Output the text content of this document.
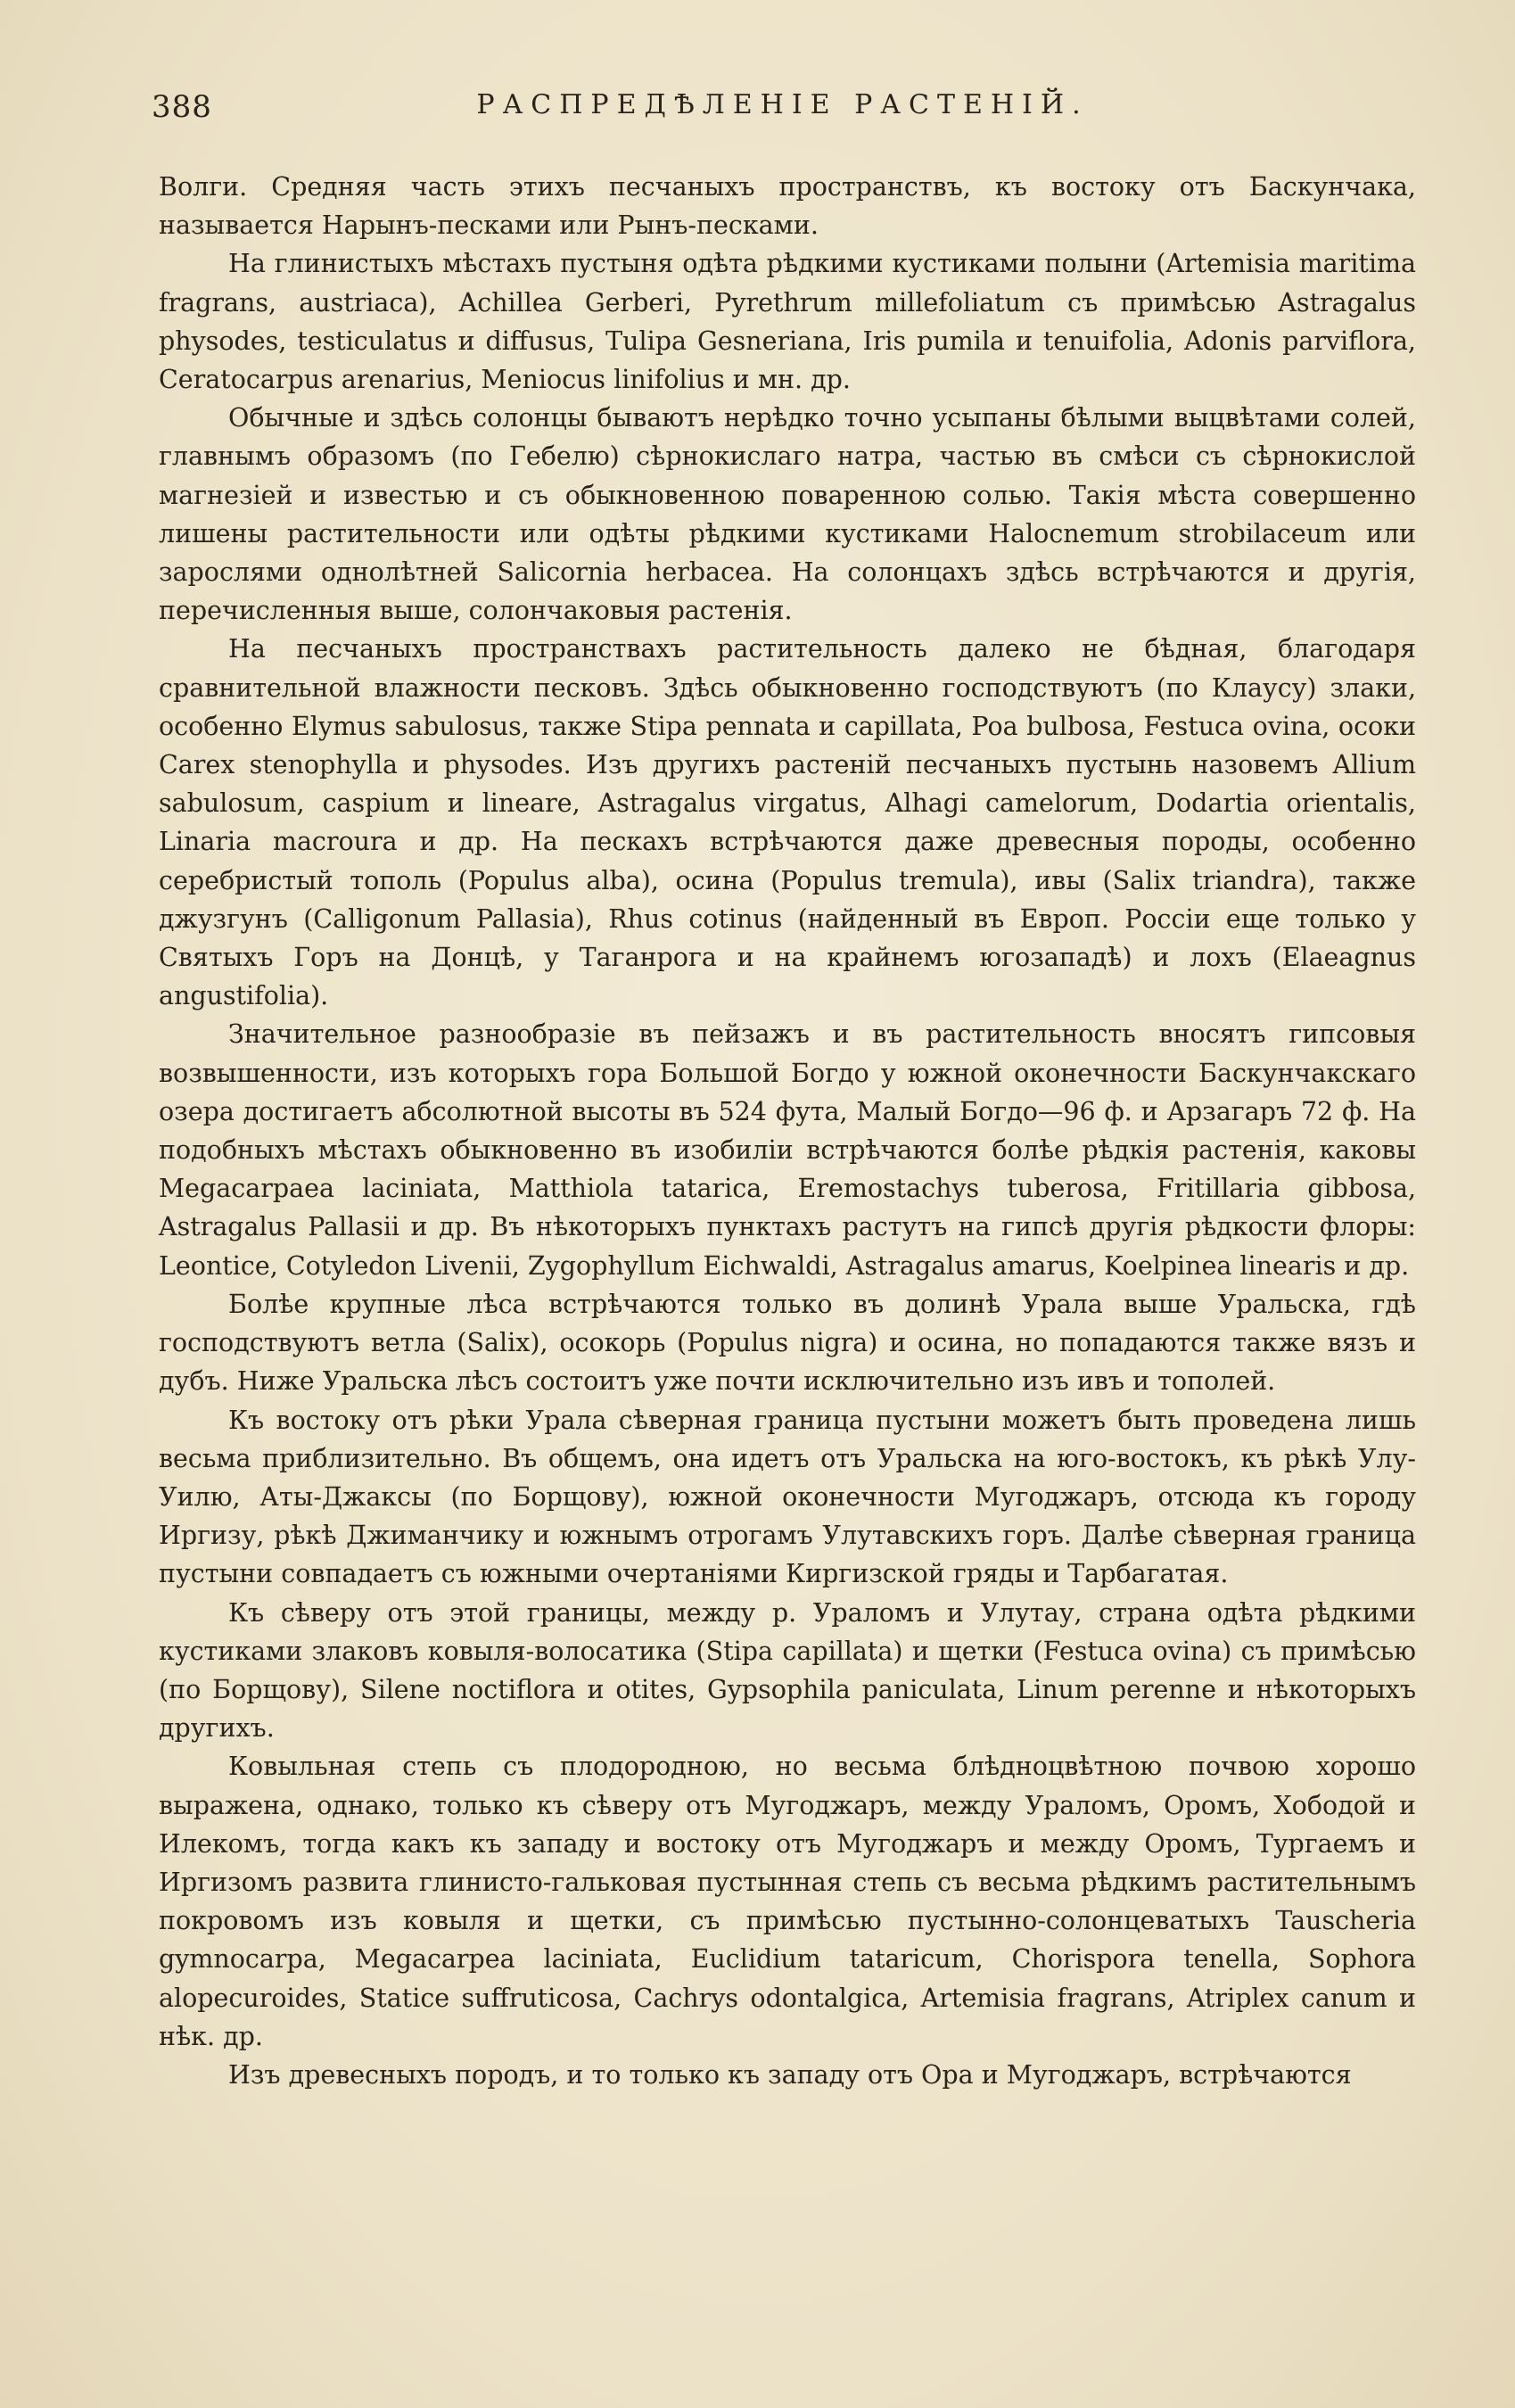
388	РАСПРЕДѢЛЕНІЕ РАСТЕНІЙ.

Волги. Средняя часть этихъ песчаныхъ пространствъ, къ востоку отъ Баскунчака, называется Нарынъ-песками или Рынъ-песками.

На глинистыхъ мѣстахъ пустыня одѣта рѣдкими кустиками полыни (Artemisia maritima fragrans, austriaca), Achillea Gerberi, Pyrethrum millefoliatum съ примѣсью Astragalus physodes, testiculatus и diffusus, Tulipa Gesneriana, Iris pumila и tenuifolia, Adonis parviflora, Ceratocarpus arenarius, Meniocus linifolius и мн. др.

Обычные и здѣсь солонцы бываютъ нерѣдко точно усыпаны бѣлыми выцвѣтами солей, главнымъ образомъ (по Гебелю) сѣрнокислаго натра, частью въ смѣси съ сѣрнокислой магнезіей и известью и съ обыкновенною поваренною солью. Такія мѣста совершенно лишены растительности или одѣты рѣдкими кустиками Halocnemum strobilaceum или зарослями однолѣтней Salicornia herbacea. На солонцахъ здѣсь встрѣчаются и другія, перечисленныя выше, солончаковыя растенія.

На песчаныхъ пространствахъ растительность далеко не бѣдная, благодаря сравнительной влажности песковъ. Здѣсь обыкновенно господствуютъ (по Клаусу) злаки, особенно Elymus sabulosus, также Stipa pennata и capillata, Poa bulbosa, Festuca ovina, осоки Carex stenophylla и physodes. Изъ другихъ растеній песчаныхъ пустынь назовемъ Allium sabulosum, caspium и lineare, Astragalus virgatus, Alhagi camelorum, Dodartia orientalis, Linaria macroura и др. На пескахъ встрѣчаются даже древесныя породы, особенно серебристый тополь (Populus alba), осина (Populus tremula), ивы (Salix triandra), также джузгунъ (Calligonum Pallasia), Rhus cotinus (найденный въ Европ. Россіи еще только у Святыхъ Горъ на Донцѣ, у Таганрога и на крайнемъ югозападѣ) и лохъ (Elaeagnus angustifolia).

Значительное разнообразіе въ пейзажъ и въ растительность вносятъ гипсовыя возвышенности, изъ которыхъ гора Большой Богдо у южной оконечности Баскунчакскаго озера достигаетъ абсолютной высоты въ 524 фута, Малый Богдо—96 ф. и Арзагаръ 72 ф. На подобныхъ мѣстахъ обыкновенно въ изобиліи встрѣчаются болѣе рѣдкія растенія, каковы Megacarpaea laciniata, Matthiola tatarica, Eremostachys tuberosa, Fritillaria gibbosa, Astragalus Pallasii и др. Въ нѣкоторыхъ пунктахъ растутъ на гипсѣ другія рѣдкости флоры: Leontice, Cotyledon Livenii, Zygophyllum Eichwaldi, Astragalus amarus, Koelpinea linearis и др.

Болѣе крупные лѣса встрѣчаются только въ долинѣ Урала выше Уральска, гдѣ господствуютъ ветла (Salix), осокорь (Populus nigra) и осина, но попадаются также вязъ и дубъ. Ниже Уральска лѣсъ состоитъ уже почти исключительно изъ ивъ и тополей.

Къ востоку отъ рѣки Урала сѣверная граница пустыни можетъ быть проведена лишь весьма приблизительно. Въ общемъ, она идетъ отъ Уральска на юго-востокъ, къ рѣкѣ Улу-Уилю, Аты-Джаксы (по Борщову), южной оконечности Мугоджаръ, отсюда къ городу Иргизу, рѣкѣ Джиманчику и южнымъ отрогамъ Улутавскихъ горъ. Далѣе сѣверная граница пустыни совпадаетъ съ южными очертаніями Киргизской гряды и Тарбагатая.

Къ сѣверу отъ этой границы, между р. Ураломъ и Улутау, страна одѣта рѣдкими кустиками злаковъ ковыля-волосатика (Stipa capillata) и щетки (Festuca ovina) съ примѣсью (по Борщову), Silene noctiflora и otites, Gypsophila paniculata, Linum perenne и нѣкоторыхъ другихъ.

Ковыльная степь съ плодородною, но весьма блѣдноцвѣтною почвою хорошо выражена, однако, только къ сѣверу отъ Мугоджаръ, между Ураломъ, Оромъ, Хободой и Илекомъ, тогда какъ къ западу и востоку отъ Мугоджаръ и между Оромъ, Тургаемъ и Иргизомъ развита глинисто-гальковая пустынная степь съ весьма рѣдкимъ растительнымъ покровомъ изъ ковыля и щетки, съ примѣсью пустынно-солонцеватыхъ Tauscheria gymnocarpa, Megacarpea laciniata, Euclidium tataricum, Chorispora tenella, Sophora alopecuroides, Statice suffruticosa, Cachrys odontalgica, Artemisia fragrans, Atriplex canum и нѣк. др.

Изъ древесныхъ породъ, и то только къ западу отъ Ора и Мугоджаръ, встрѣчаются
